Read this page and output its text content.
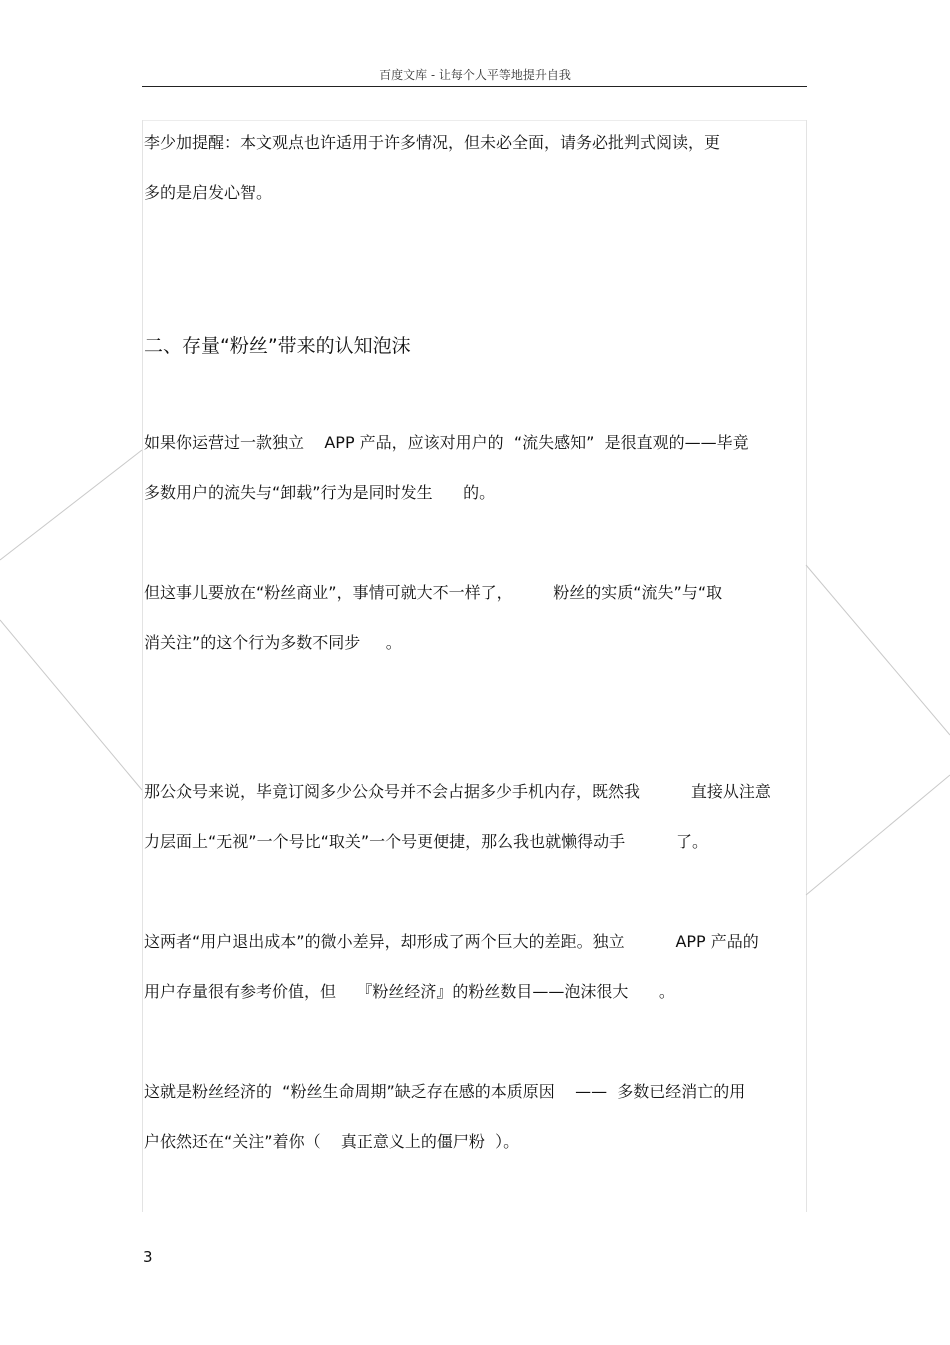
百度文库 - 让每个人平等地提升自我
李少加提醒：本文观点也许适用于许多情况，但未必全面，请务必批判式阅读，更
多的是启发心智。
二、存量“粉丝”带来的认知泡沫
如果你运营过一款独立    APP 产品，应该对用户的  “流失感知”  是很直观的——毕竟
多数用户的流失与“卸载”行为是同时发生      的。
但这事儿要放在“粉丝商业”，事情可就大不一样了，        粉丝的实质“流失”与“取
消关注”的这个行为多数不同步     。
那公众号来说，毕竟订阅多少公众号并不会占据多少手机内存，既然我          直接从注意
力层面上“无视”一个号比“取关”一个号更便捷，那么我也就懒得动手          了。
这两者“用户退出成本”的微小差异，却形成了两个巨大的差距。独立          APP 产品的
用户存量很有参考价值，但    『粉丝经济』的粉丝数目——泡沫很大      。
这就是粉丝经济的  “粉丝生命周期”缺乏存在感的本质原因    ——  多数已经消亡的用
户依然还在“关注”着你（    真正意义上的僵尸粉  ）。
3
